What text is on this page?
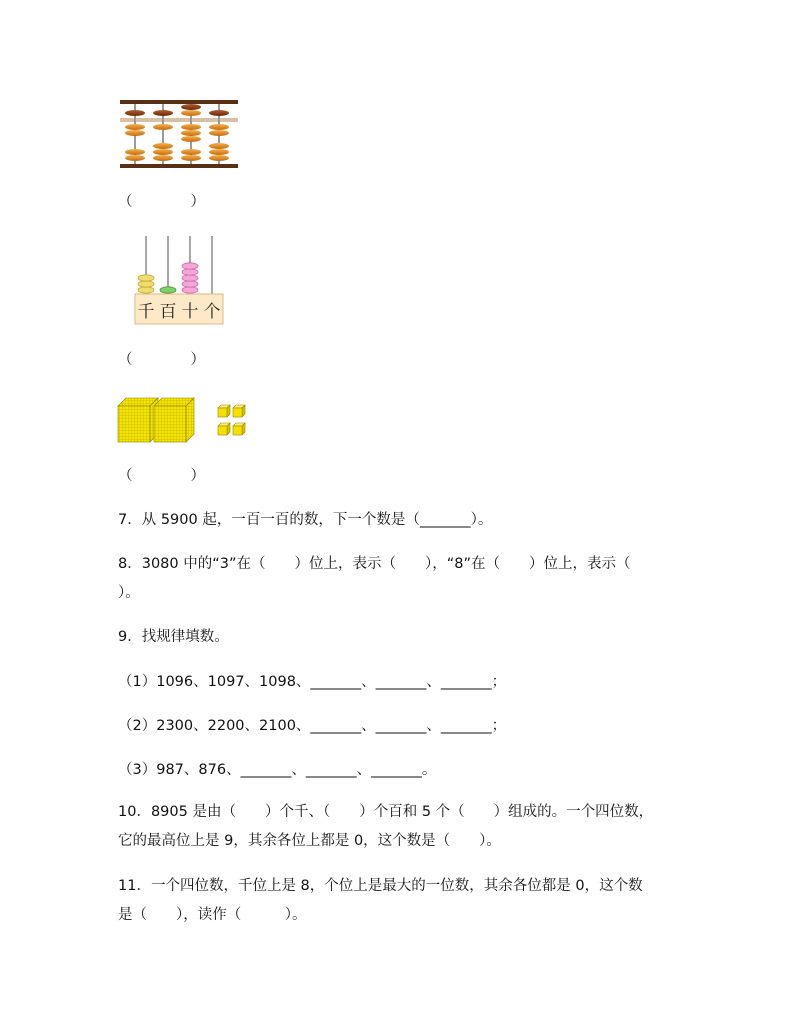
（　　　　）
千 百 十 个
（　　　　）
（　　　　）
7．从 5900 起，一百一百的数，下一个数是（_______）。
8．3080 中的“3”在（　　）位上，表示（　　），“8”在（　　）位上，表示（
）。
9．找规律填数。
（1）1096、1097、1098、_______、_______、_______；
（2）2300、2200、2100、_______、_______、_______；
（3）987、876、_______、_______、_______。
10．8905 是由（　　）个千、（　　）个百和 5 个（　　）组成的。一个四位数，
它的最高位上是 9，其余各位上都是 0，这个数是（　　）。
11．一个四位数，千位上是 8，个位上是最大的一位数，其余各位都是 0，这个数
是（　　），读作（　　　）。
